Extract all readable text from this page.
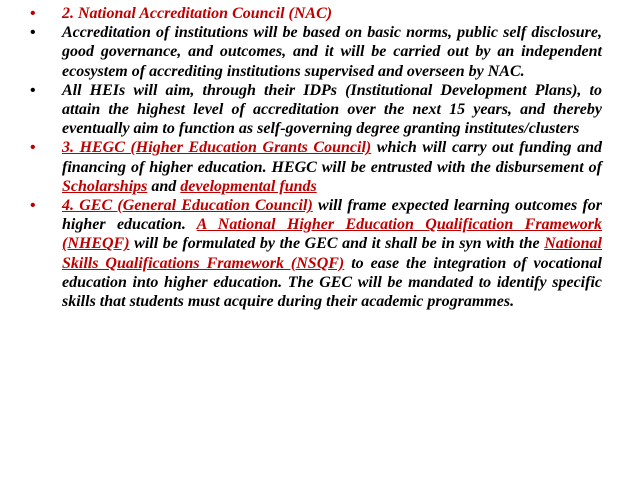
• 2. National Accreditation Council (NAC)
• Accreditation of institutions will be based on basic norms, public self disclosure, good governance, and outcomes, and it will be carried out by an independent ecosystem of accrediting institutions supervised and overseen by NAC.
• All HEIs will aim, through their IDPs (Institutional Development Plans), to attain the highest level of accreditation over the next 15 years, and thereby eventually aim to function as self-governing degree granting institutes/clusters
• 3. HEGC (Higher Education Grants Council) which will carry out funding and financing of higher education. HEGC will be entrusted with the disbursement of Scholarships and developmental funds
• 4. GEC (General Education Council) will frame expected learning outcomes for higher education. A National Higher Education Qualification Framework (NHEQF) will be formulated by the GEC and it shall be in syn with the National Skills Qualifications Framework (NSQF) to ease the integration of vocational education into higher education. The GEC will be mandated to identify specific skills that students must acquire during their academic programmes.
